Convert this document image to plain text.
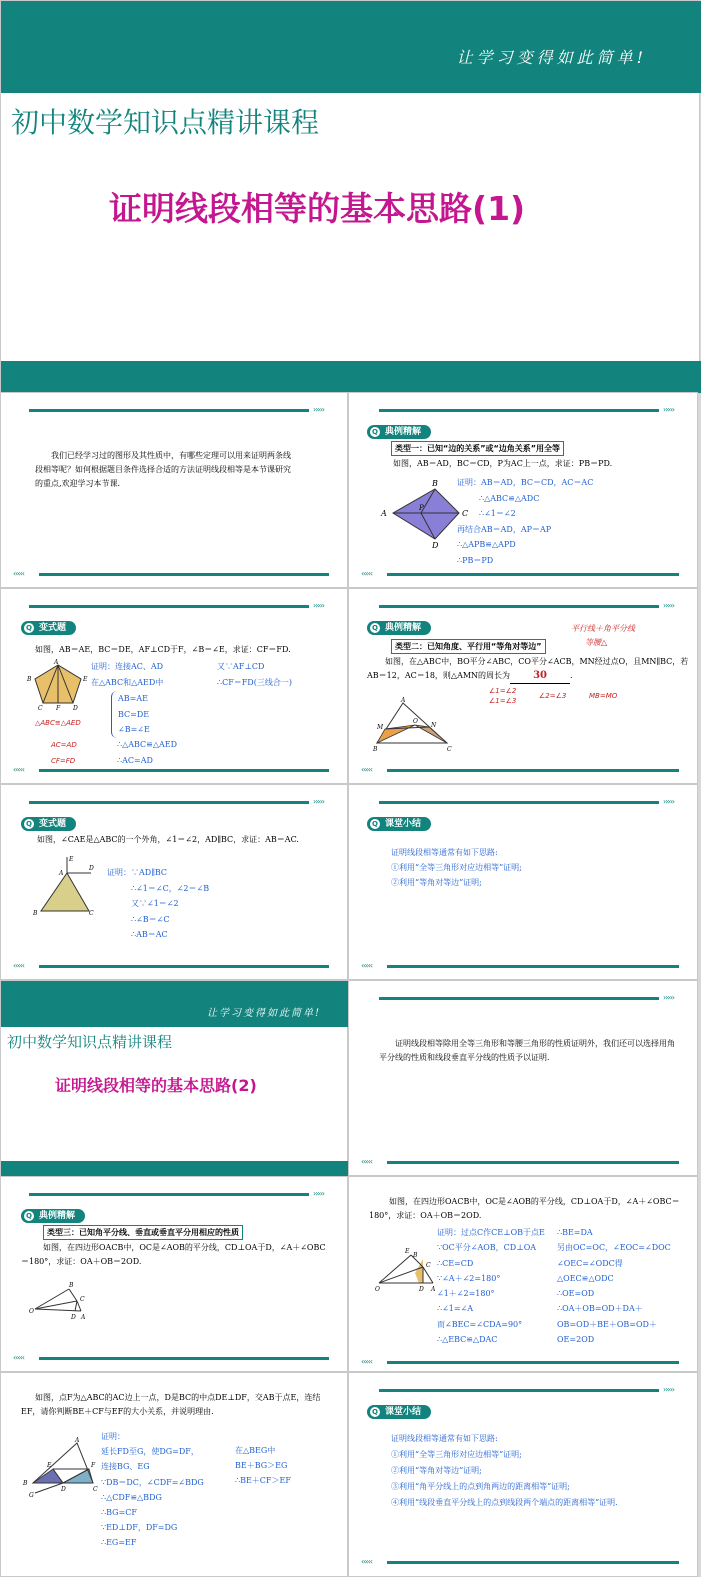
让学习变得如此简单!
初中数学知识点精讲课程
证明线段相等的基本思路(1)
›››››
我们已经学习过的图形及其性质中，有哪些定理可以用来证明两条线段相等呢？如何根据题目条件选择合适的方法证明线段相等是本节课研究的重点,欢迎学习本节课.
‹‹‹‹‹
›››››
Q 典例精解
类型一：已知“边的关系”或“边角关系”用全等
如图，AB＝AD，BC＝CD，P为AC上一点，求证：PB＝PD.
A
B
C
D
P
证明：AB＝AD，BC＝CD，AC＝AC
∴△ABC≌△ADC
∴∠1＝∠2
再结合AB＝AD，AP＝AP
∴△APB≌△APD
∴PB＝PD
‹‹‹‹‹
›››››
Q 变式题
如图，AB＝AE，BC＝DE，AF⊥CD于F，∠B＝∠E，求证：CF＝FD.
A
B
C	D
E
F
证明：连接AC、AD
在△ABC和△AED中
AB=AE
BC=DE
∠B=∠E
∴△ABC≌△AED
∴AC=AD
又∵AF⊥CD
∴CF＝FD(三线合一)
△ABC≌△AED
AC=AD
CF=FD
‹‹‹‹‹
›››››
Q 典例精解	平行线＋角平分线
等腰△
类型二：已知角度、平行用“等角对等边”
如图，在△ABC中，BO平分∠ABC，CO平分∠ACB，MN经过点O，且MN∥BC，若AB＝12，AC＝18，则△AMN的周长为 30	.
∠1=∠2
∠1=∠3
∠2=∠3	MB=MO
A
B	C
M	N
O
‹‹‹‹‹
›››››
Q 变式题
如图，∠CAE是△ABC的一个外角，∠1＝∠2，AD∥BC，求证：AB＝AC.
E
A
D
B	C
证明：∵AD∥BC
∴∠1＝∠C，∠2＝∠B
又∵∠1＝∠2
∴∠B＝∠C
∴AB＝AC
‹‹‹‹‹
›››››
Q 课堂小结
证明线段相等通常有如下思路:
①利用“全等三角形对应边相等”证明;
②利用“等角对等边”证明;
‹‹‹‹‹
让学习变得如此简单!
初中数学知识点精讲课程
证明线段相等的基本思路(2)
›››››
证明线段相等除用全等三角形和等腰三角形的性质证明外，我们还可以选择用角平分线的性质和线段垂直平分线的性质予以证明.
‹‹‹‹‹
›››››
Q 典例精解
类型三：已知角平分线、垂直或垂直平分用相应的性质
如图，在四边形OACB中，OC是∠AOB的平分线，CD⊥OA于D，∠A＋∠OBC＝180°，求证：OA＋OB＝2OD.
O
B
C
D A
‹‹‹‹‹
如图，在四边形OACB中，OC是∠AOB的平分线，CD⊥OA于D，∠A＋∠OBC＝180°，求证：OA＋OB＝2OD.
O
E
B
C
D A
证明：过点C作CE⊥OB于点E
∵OC平分∠AOB，CD⊥OA
∴CE=CD
∵∠A＋∠2=180°
∠1＋∠2=180°
∴∠1=∠A
而∠BEC=∠CDA=90°
∴△EBC≌△DAC
∴BE=DA
另由OC=OC，∠EOC=∠DOC
∠OEC=∠ODC得
△OEC≌△ODC
∴OE=OD
∴OA＋OB=OD＋DA＋
OB=OD＋BE＋OB=OD＋
OE=2OD
‹‹‹‹‹
如图，点F为△ABC的AC边上一点，D是BC的中点DE⊥DF，交AB于点E，连结EF，请你判断BE＋CF与EF的大小关系，并说明理由.
A
B
C
D
E	F
G
证明：
延长FD至G，使DG=DF，
连接BG、EG
∵DB＝DC，∠CDF=∠BDG
∴△CDF≌△BDG
∴BG=CF
∵ED⊥DF，DF=DG
∴EG=EF
在△BEG中
BE＋BG＞EG
∴BE＋CF＞EF
›››››
Q 课堂小结
证明线段相等通常有如下思路:
①利用“全等三角形对应边相等”证明;
②利用“等角对等边”证明;
③利用“角平分线上的点到角两边的距离相等”证明;
④利用“线段垂直平分线上的点到线段两个端点的距离相等”证明.
‹‹‹‹‹
